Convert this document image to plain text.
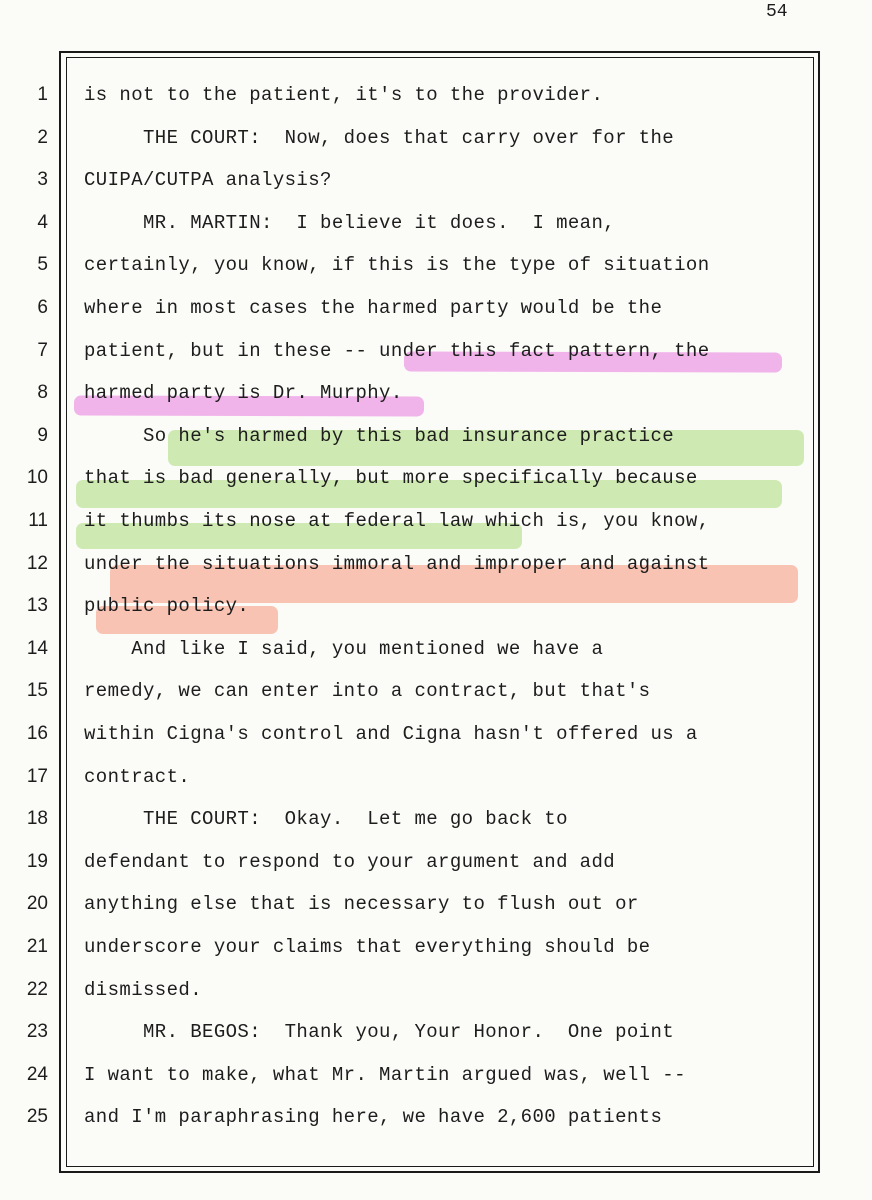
54
1 is not to the patient, it's to the provider.
2 THE COURT:  Now, does that carry over for the
3 CUIPA/CUTPA analysis?
4 MR. MARTIN:  I believe it does.  I mean,
5 certainly, you know, if this is the type of situation
6 where in most cases the harmed party would be the
7 patient, but in these -- under this fact pattern, the
8 harmed party is Dr. Murphy.
9 So he's harmed by this bad insurance practice
10 that is bad generally, but more specifically because
11 it thumbs its nose at federal law which is, you know,
12 under the situations immoral and improper and against
13 public policy.
14 And like I said, you mentioned we have a
15 remedy, we can enter into a contract, but that's
16 within Cigna's control and Cigna hasn't offered us a
17 contract.
18 THE COURT:  Okay.  Let me go back to
19 defendant to respond to your argument and add
20 anything else that is necessary to flush out or
21 underscore your claims that everything should be
22 dismissed.
23 MR. BEGOS:  Thank you, Your Honor.  One point
24 I want to make, what Mr. Martin argued was, well --
25 and I'm paraphrasing here, we have 2,600 patients
